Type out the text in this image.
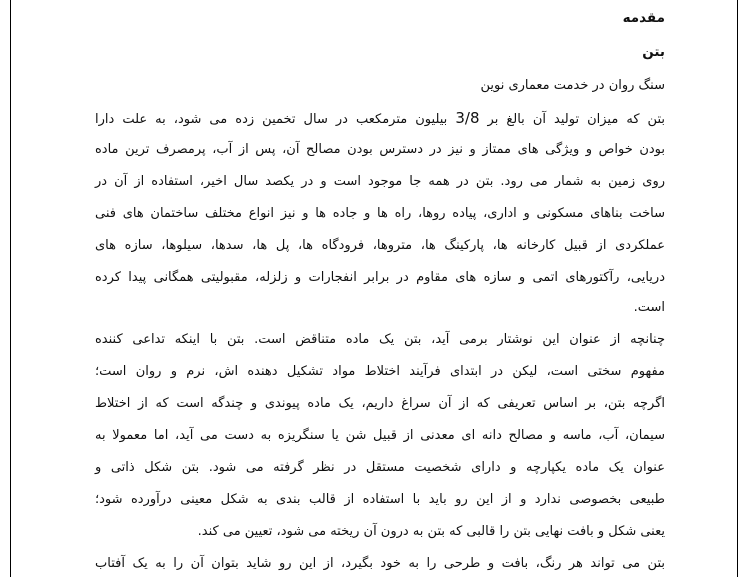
مقدمه
بتن
سنگ روان در خدمت معماری نوین
بتن که میزان تولید آن بالغ بر 3/8 بیلیون مترمکعب در سال تخمین زده می شود، به علت دارا
بودن خواص و ویژگی های ممتاز و نیز در دسترس بودن مصالح آن، پس از آب، پرمصرف ترین ماده
روی زمین به شمار می رود. بتن در همه جا موجود است و در یکصد سال اخیر، استفاده از آن در
ساخت بناهای مسکونی و اداری، پیاده روها، راه ها و جاده ها و نیز انواع مختلف ساختمان های فنی
عملکردی از قبیل کارخانه ها، پارکینگ ها، متروها، فرودگاه ها، پل ها، سدها، سیلوها، سازه های
دریایی، رآکتورهای اتمی و سازه های مقاوم در برابر انفجارات و زلزله، مقبولیتی همگانی پیدا کرده
است.
چنانچه از عنوان این نوشتار برمی آید، بتن یک ماده متناقض است. بتن با اینکه تداعی کننده
مفهوم سختی است، لیکن در ابتدای فرآیند اختلاط مواد تشکیل دهنده اش، نرم و روان است؛
اگرچه بتن، بر اساس تعریفی که از آن سراغ داریم، یک ماده پیوندی و چندگه است که از اختلاط
سیمان، آب، ماسه و مصالح دانه ای معدنی از قبیل شن یا سنگریزه به دست می آید، اما معمولا به
عنوان یک ماده یکپارچه و دارای شخصیت مستقل در نظر گرفته می شود. بتن شکل ذاتی و
طبیعی بخصوصی ندارد و از این رو باید با استفاده از قالب بندی به شکل معینی درآورده شود؛
یعنی شکل و بافت نهایی بتن را قالبی که بتن به درون آن ریخته می شود، تعیین می کند.
بتن می تواند هر رنگ، بافت و طرحی را به خود بگیرد، از این رو شاید بتوان آن را به یک آفتاب
